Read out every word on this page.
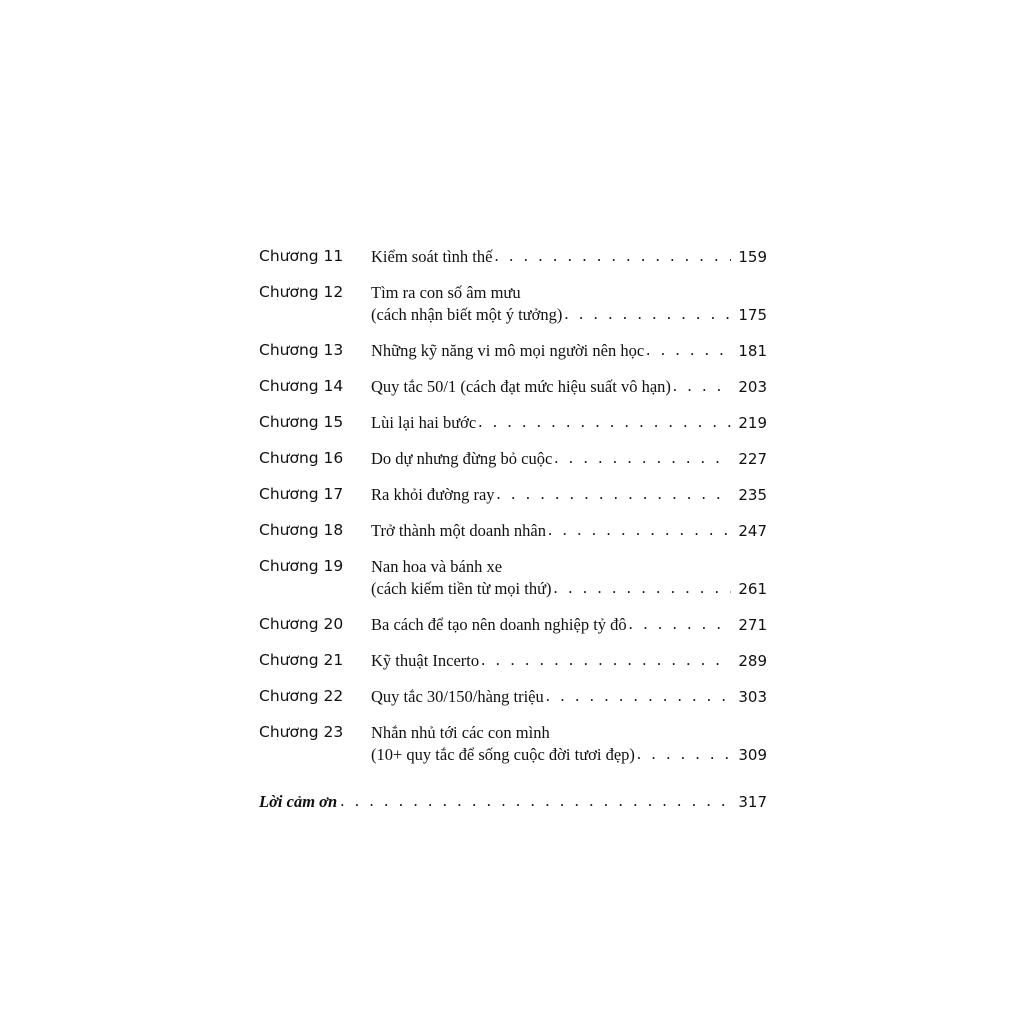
Chương 11	Kiểm soát tình thế . . .	159
Chương 12	Tìm ra con số âm mưu
(cách nhận biết một ý tưởng) . . .	175
Chương 13	Những kỹ năng vi mô mọi người nên học . . .	181
Chương 14	Quy tắc 50/1 (cách đạt mức hiệu suất vô hạn) . . .	203
Chương 15	Lùi lại hai bước . . .	219
Chương 16	Do dự nhưng đừng bỏ cuộc . . .	227
Chương 17	Ra khỏi đường ray . . .	235
Chương 18	Trở thành một doanh nhân . . .	247
Chương 19	Nan hoa và bánh xe
(cách kiếm tiền từ mọi thứ) . . .	261
Chương 20	Ba cách để tạo nên doanh nghiệp tỷ đô . . .	271
Chương 21	Kỹ thuật Incerto . . .	289
Chương 22	Quy tắc 30/150/hàng triệu . . .	303
Chương 23	Nhắn nhủ tới các con mình
(10+ quy tắc để sống cuộc đời tươi đẹp) . . .	309
Lời cảm ơn . . .	317
